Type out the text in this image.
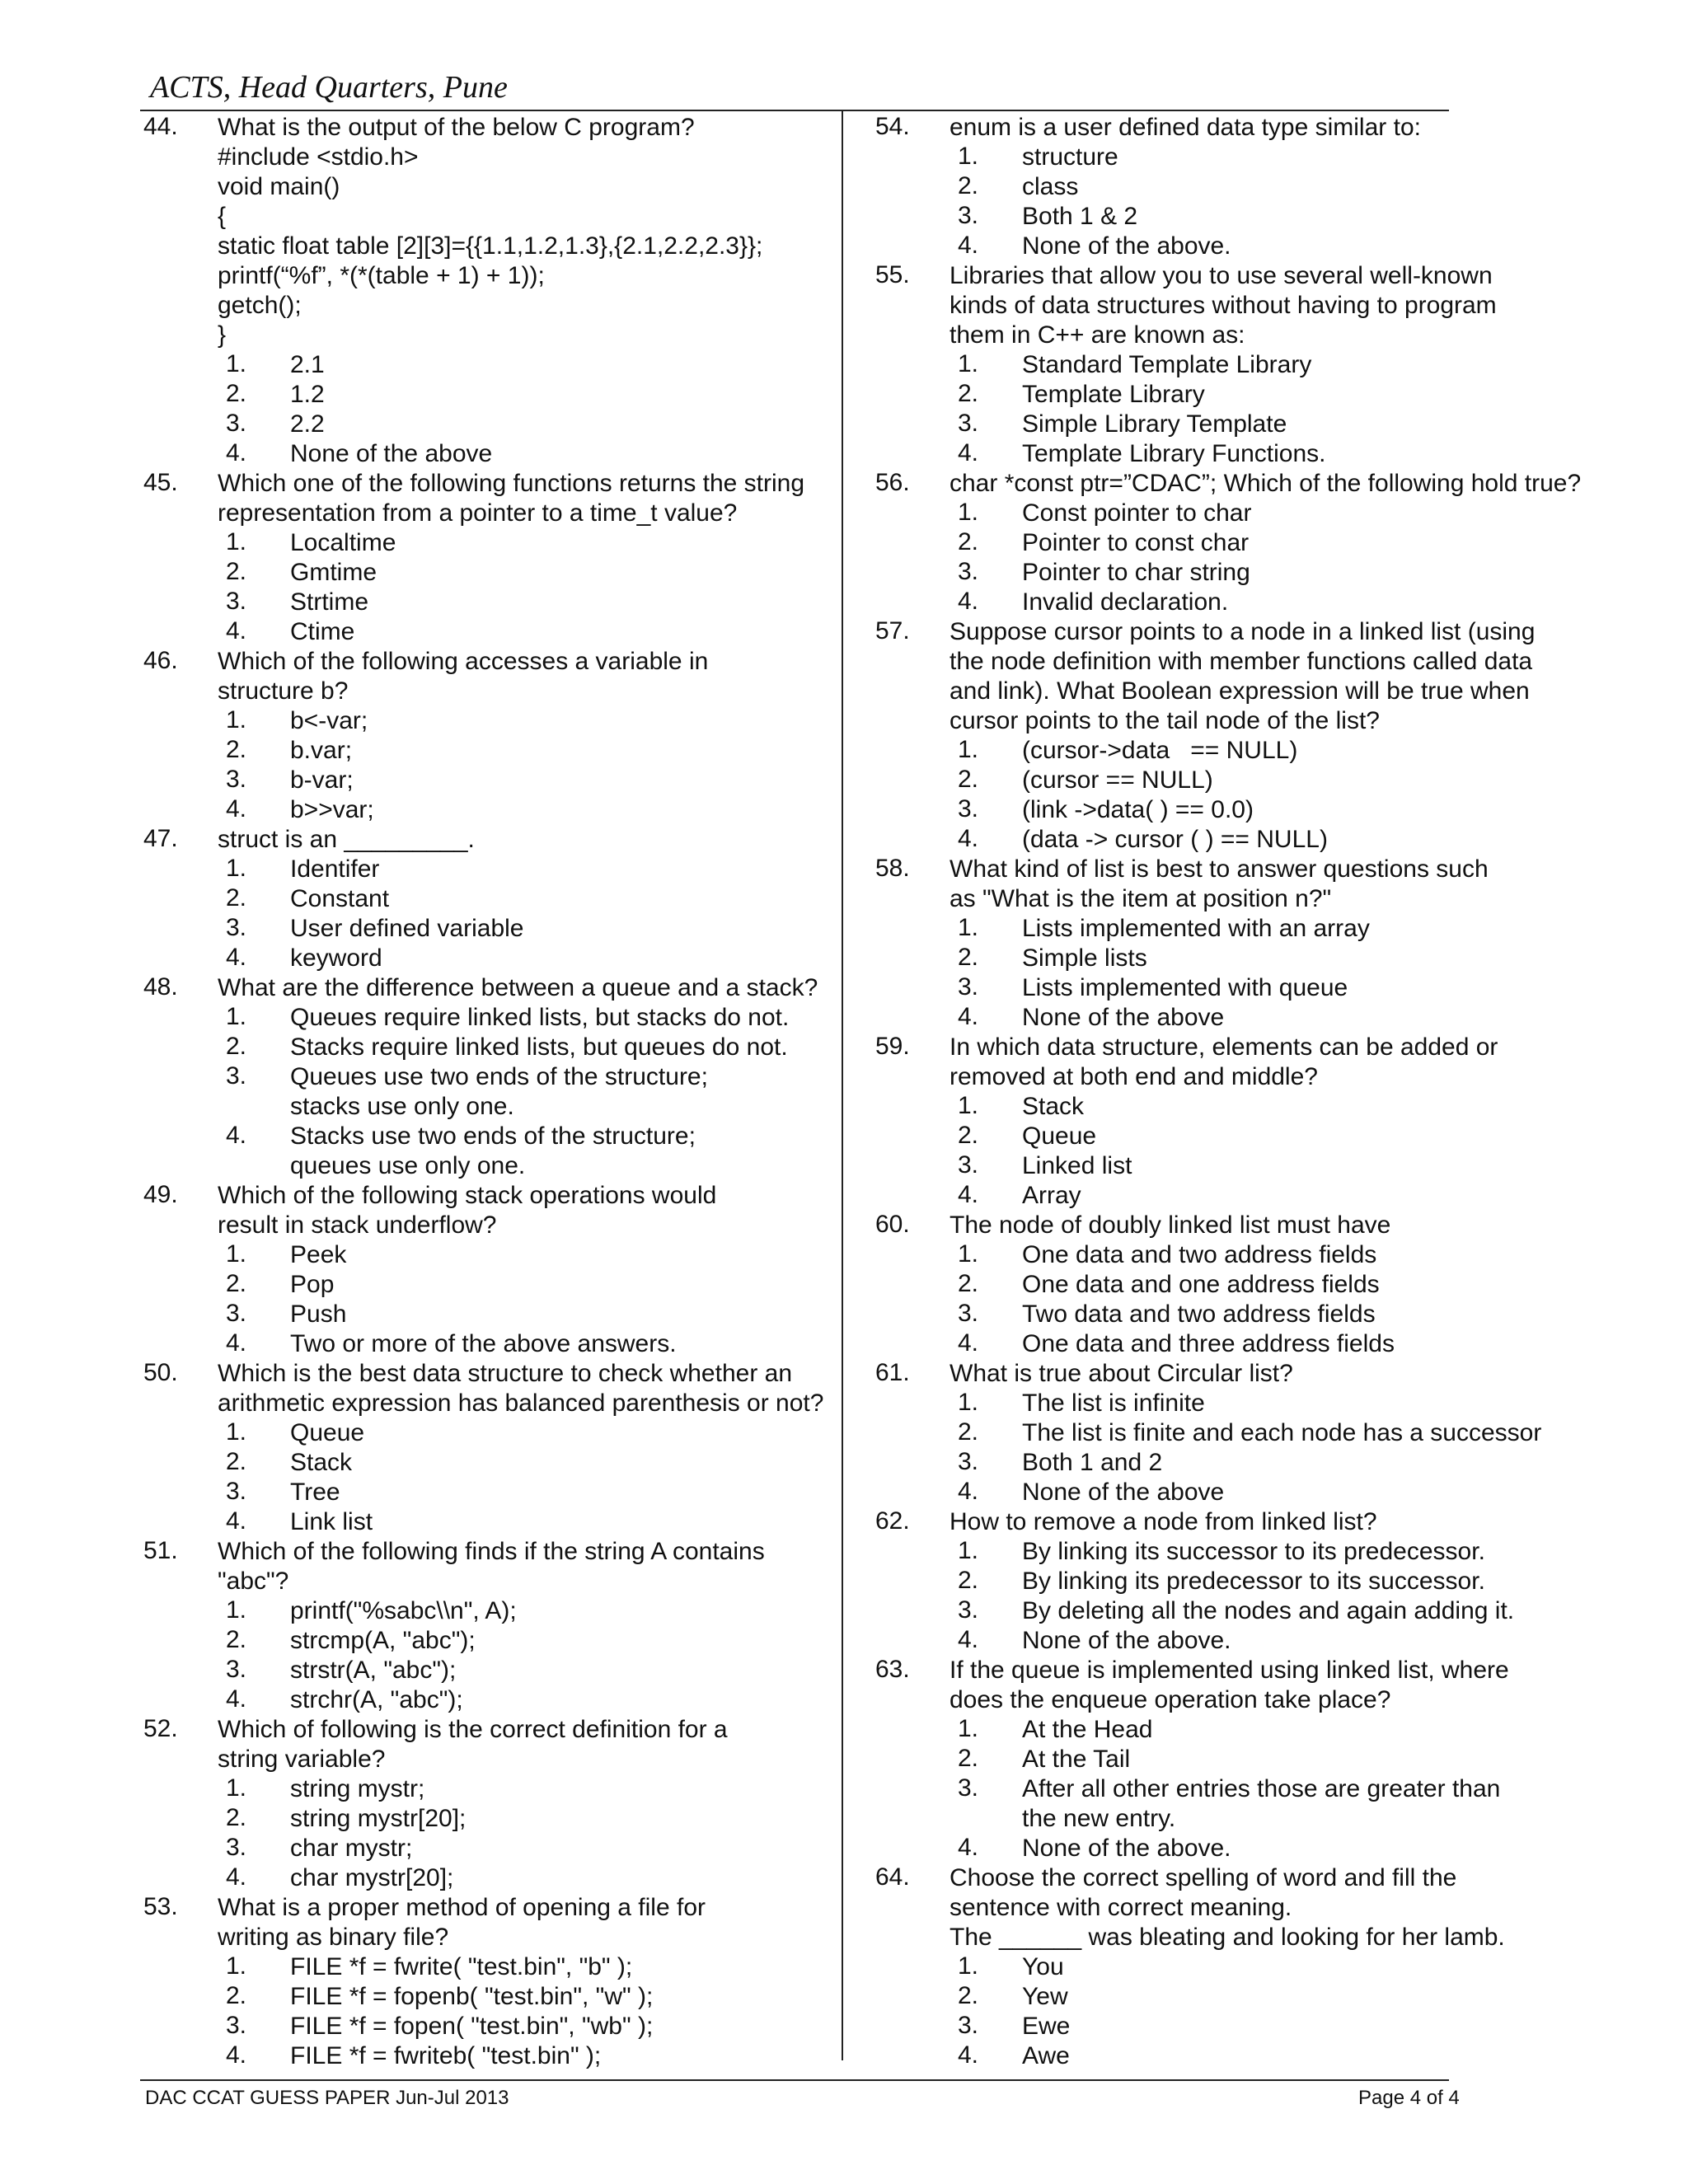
ACTS, Head Quarters, Pune
44. What is the output of the below C program?
#include <stdio.h>
void main()
{
static float table [2][3]={{1.1,1.2,1.3},{2.1,2.2,2.3}};
printf(“%f”, *(*(table + 1) + 1));
getch();
}
1. 2.1
2. 1.2
3. 2.2
4. None of the above
45. Which one of the following functions returns the string
representation from a pointer to a time_t value?
1. Localtime
2. Gmtime
3. Strtime
4. Ctime
46. Which of the following accesses a variable in
structure b?
1. b<-var;
2. b.var;
3. b-var;
4. b>>var;
47. struct is an _________.
1. Identifer
2. Constant
3. User defined variable
4. keyword
48. What are the difference between a queue and a stack?
1. Queues require linked lists, but stacks do not.
2. Stacks require linked lists, but queues do not.
3. Queues use two ends of the structure;
stacks use only one.
4. Stacks use two ends of the structure;
queues use only one.
49. Which of the following stack operations would
result in stack underflow?
1. Peek
2. Pop
3. Push
4. Two or more of the above answers.
50. Which is the best data structure to check whether an
arithmetic expression has balanced parenthesis or not?
1. Queue
2. Stack
3. Tree
4. Link list
51. Which of the following finds if the string A contains
"abc"?
1. printf("%sabc\\n", A);
2. strcmp(A, "abc");
3. strstr(A, "abc");
4. strchr(A, "abc");
52. Which of following is the correct definition for a
string variable?
1. string mystr;
2. string mystr[20];
3. char mystr;
4. char mystr[20];
53. What is a proper method of opening a file for
writing as binary file?
1. FILE *f = fwrite( "test.bin", "b" );
2. FILE *f = fopenb( "test.bin", "w" );
3. FILE *f = fopen( "test.bin", "wb" );
4. FILE *f = fwriteb( "test.bin" );
54. enum is a user defined data type similar to:
1. structure
2. class
3. Both 1 & 2
4. None of the above.
55. Libraries that allow you to use several well-known
kinds of data structures without having to program
them in C++ are known as:
1. Standard Template Library
2. Template Library
3. Simple Library Template
4. Template Library Functions.
56. char *const ptr=”CDAC”; Which of the following hold true?
1. Const pointer to char
2. Pointer to const char
3. Pointer to char string
4. Invalid declaration.
57. Suppose cursor points to a node in a linked list (using
the node definition with member functions called data
and link). What Boolean expression will be true when
cursor points to the tail node of the list?
1. (cursor->data   == NULL)
2. (cursor == NULL)
3. (link ->data( ) == 0.0)
4. (data -> cursor ( ) == NULL)
58. What kind of list is best to answer questions such
as "What is the item at position n?"
1. Lists implemented with an array
2. Simple lists
3. Lists implemented with queue
4. None of the above
59. In which data structure, elements can be added or
removed at both end and middle?
1. Stack
2. Queue
3. Linked list
4. Array
60. The node of doubly linked list must have
1. One data and two address fields
2. One data and one address fields
3. Two data and two address fields
4. One data and three address fields
61. What is true about Circular list?
1. The list is infinite
2. The list is finite and each node has a successor
3. Both 1 and 2
4. None of the above
62. How to remove a node from linked list?
1. By linking its successor to its predecessor.
2. By linking its predecessor to its successor.
3. By deleting all the nodes and again adding it.
4. None of the above.
63. If the queue is implemented using linked list, where
does the enqueue operation take place?
1. At the Head
2. At the Tail
3. After all other entries those are greater than
the new entry.
4. None of the above.
64. Choose the correct spelling of word and fill the
sentence with correct meaning.
The ______ was bleating and looking for her lamb.
1. You
2. Yew
3. Ewe
4. Awe
DAC CCAT GUESS PAPER Jun-Jul 2013	Page 4 of 4
